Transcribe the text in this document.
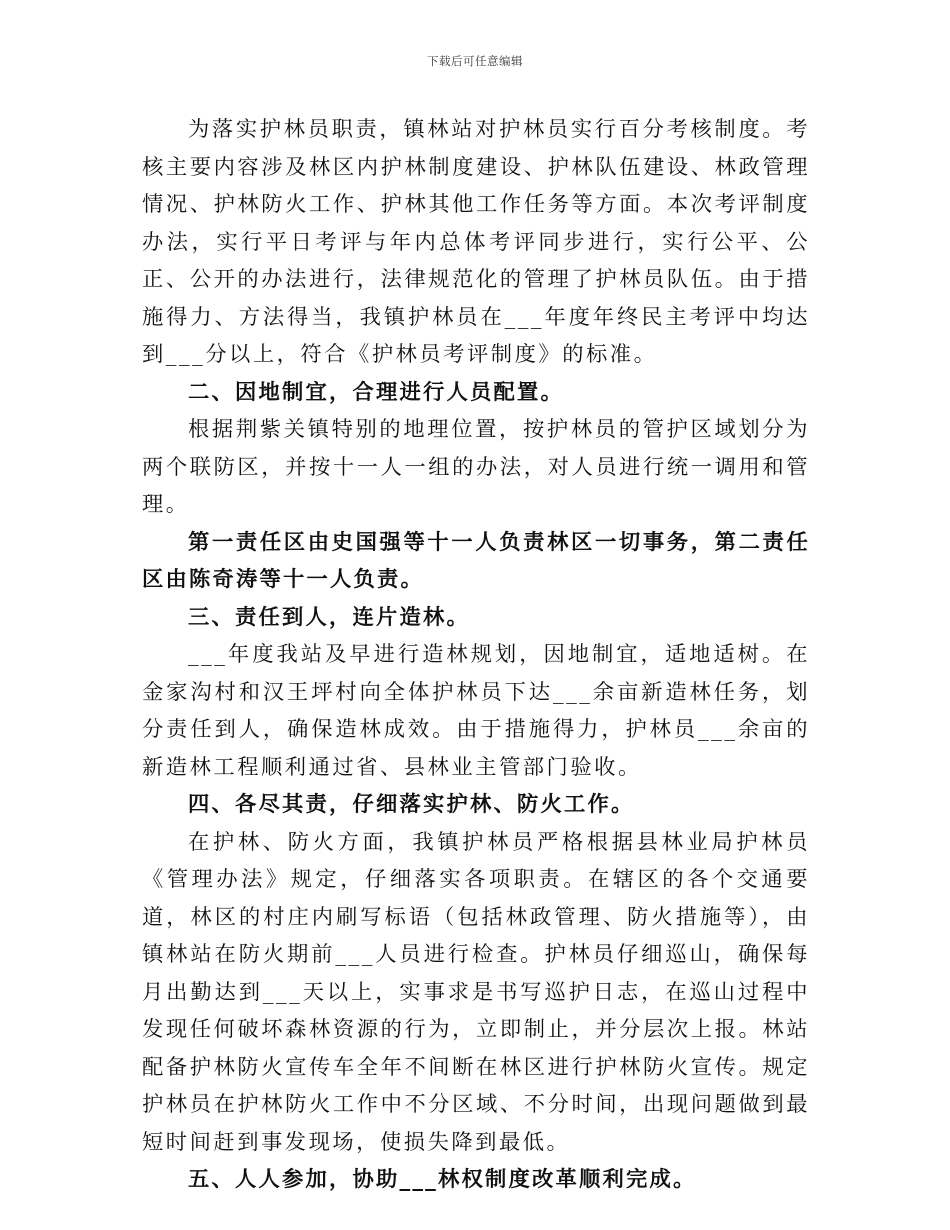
下载后可任意编辑

为落实护林员职责，镇林站对护林员实行百分考核制度。考核主要内容涉及林区内护林制度建设、护林队伍建设、林政管理情况、护林防火工作、护林其他工作任务等方面。本次考评制度办法，实行平日考评与年内总体考评同步进行，实行公平、公正、公开的办法进行，法律规范化的管理了护林员队伍。由于措施得力、方法得当，我镇护林员在___年度年终民主考评中均达到___分以上，符合《护林员考评制度》的标准。

二、因地制宜，合理进行人员配置。

根据荆紫关镇特别的地理位置，按护林员的管护区域划分为两个联防区，并按十一人一组的办法，对人员进行统一调用和管理。

第一责任区由史国强等十一人负责林区一切事务，第二责任区由陈奇涛等十一人负责。

三、责任到人，连片造林。

___年度我站及早进行造林规划，因地制宜，适地适树。在金家沟村和汉王坪村向全体护林员下达___余亩新造林任务，划分责任到人，确保造林成效。由于措施得力，护林员___余亩的新造林工程顺利通过省、县林业主管部门验收。

四、各尽其责，仔细落实护林、防火工作。

在护林、防火方面，我镇护林员严格根据县林业局护林员《管理办法》规定，仔细落实各项职责。在辖区的各个交通要道，林区的村庄内刷写标语（包括林政管理、防火措施等），由镇林站在防火期前___人员进行检查。护林员仔细巡山，确保每月出勤达到___天以上，实事求是书写巡护日志，在巡山过程中发现任何破坏森林资源的行为，立即制止，并分层次上报。林站配备护林防火宣传车全年不间断在林区进行护林防火宣传。规定护林员在护林防火工作中不分区域、不分时间，出现问题做到最短时间赶到事发现场，使损失降到最低。

五、人人参加，协助___林权制度改革顺利完成。
